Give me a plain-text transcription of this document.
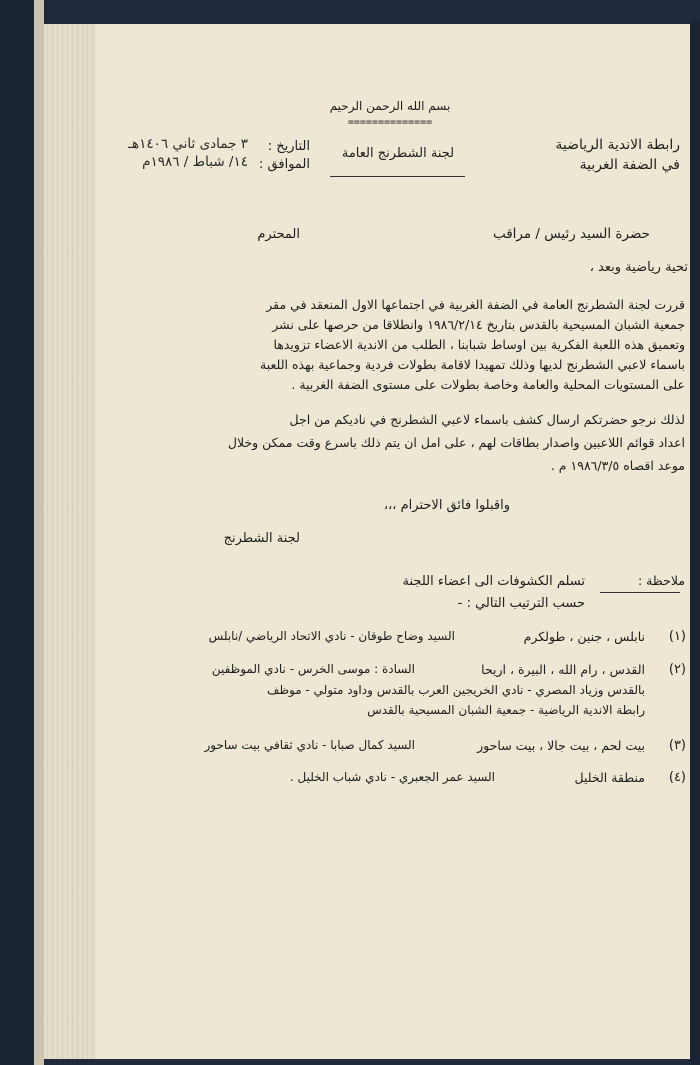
بسم الله الرحمن الرحيم
==============
رابطة الاندية الرياضية
في الضفة الغربية
لجنة الشطرنج العامة
التاريخ :
٣ جمادى ثاني ١٤٠٦هـ
الموافق :
١٤/ شباط / ١٩٨٦م
حضرة السيد رئيس / مراقب
المحترم
تحية رياضية وبعد ،
قررت لجنة الشطرنج العامة في الضفة الغربية في اجتماعها الاول المنعقد في مقر
جمعية الشبان المسيحية بالقدس بتاريخ ١٩٨٦/٢/١٤ وانطلاقا من حرصها على نشر
وتعميق هذه اللعبة الفكرية بين اوساط شبابنا ، الطلب من الاندية الاعضاء تزويدها
باسماء لاعبي الشطرنج لديها وذلك تمهيدا لاقامة بطولات فردية وجماعية بهذه اللعبة
على المستويات المحلية والعامة وخاصة بطولات على مستوى الضفة الغربية .
لذلك نرجو حضرتكم ارسال كشف باسماء لاعبي الشطرنج في ناديكم من اجل
اعداد قوائم اللاعبين واصدار بطاقات لهم ، على امل ان يتم ذلك باسرع وقت ممكن وخلال
موعد اقصاه ١٩٨٦/٣/٥ م .
واقبلوا فائق الاحترام ،،،
لجنة الشطرنج
ملاحظة :
تسلم الكشوفات الى اعضاء اللجنة
حسب الترتيب التالي : -
(١)
نابلس ، جنين ، طولكرم
السيد وضاح طوقان - نادي الاتحاد الرياضي /نابلس
(٢)
القدس ، رام الله ، البيرة ، اريحا
السادة : موسى الخرس - نادي الموظفين
بالقدس وزياد المصري - نادي الخريجين العرب بالقدس وداود متولي - موظف
رابطة الاندية الرياضية - جمعية الشبان المسيحية بالقدس
(٣)
بيت لحم ، بيت جالا ، بيت ساحور
السيد كمال صبابا - نادي ثقافي بيت ساحور
(٤)
منطقة الخليل
السيد عمر الجعبري - نادي شباب الخليل .
